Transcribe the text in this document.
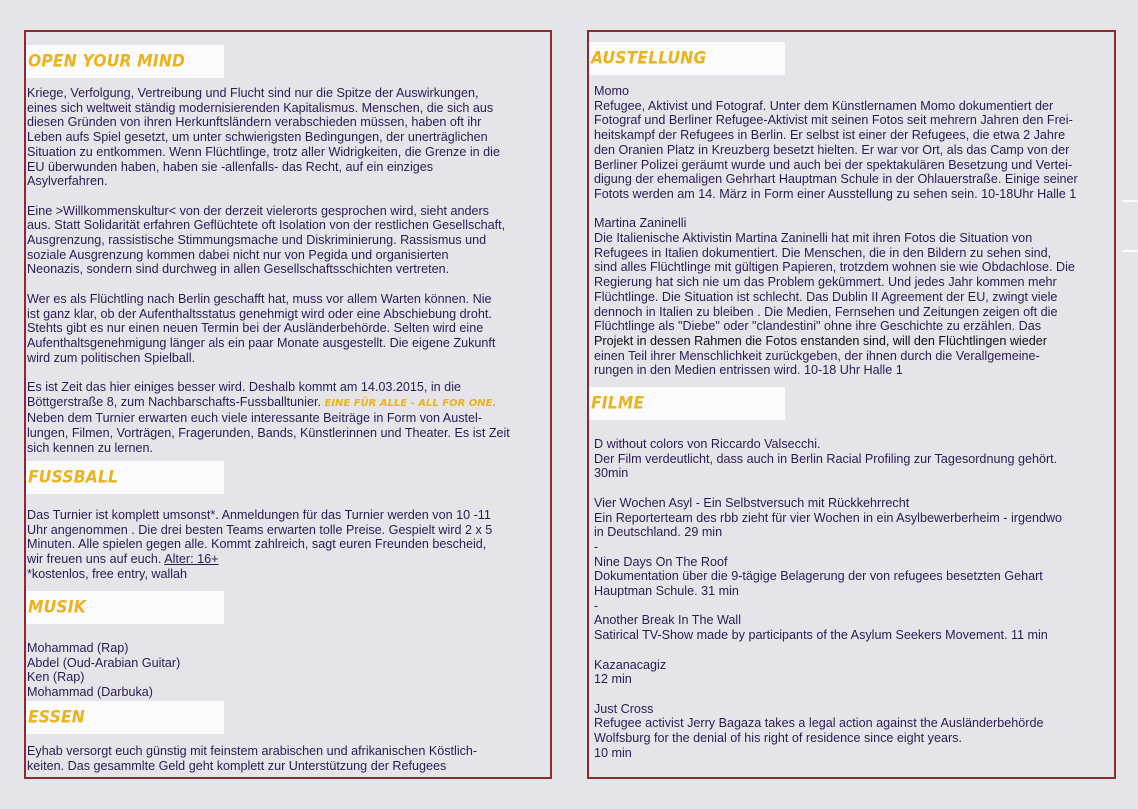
OPEN YOUR MIND

Kriege, Verfolgung, Vertreibung und Flucht sind nur die Spitze der Auswirkungen,
eines sich weltweit ständig modernisierenden Kapitalismus. Menschen, die sich aus
diesen Gründen von ihren Herkunftsländern verabschieden müssen, haben oft ihr
Leben aufs Spiel gesetzt, um unter schwierigsten Bedingungen, der unerträglichen
Situation zu entkommen. Wenn Flüchtlinge, trotz aller Widrigkeiten, die Grenze in die
EU überwunden haben, haben sie -allenfalls- das Recht, auf ein einziges
Asylverfahren.

Eine >Willkommenskultur< von der derzeit vielerorts gesprochen wird, sieht anders
aus. Statt Solidarität erfahren Geflüchtete oft Isolation von der restlichen Gesellschaft,
Ausgrenzung, rassistische Stimmungsmache und Diskriminierung. Rassismus und
soziale Ausgrenzung kommen dabei nicht nur von Pegida und organisierten
Neonazis, sondern sind durchweg in allen Gesellschaftsschichten vertreten.

Wer es als Flüchtling nach Berlin geschafft hat, muss vor allem Warten können. Nie
ist ganz klar, ob der Aufenthaltsstatus genehmigt wird oder eine Abschiebung droht.
Stehts gibt es nur einen neuen Termin bei der Ausländerbehörde. Selten wird eine
Aufenthaltsgenehmigung länger als ein paar Monate ausgestellt. Die eigene Zukunft
wird zum politischen Spielball.

Es ist Zeit das hier einiges besser wird. Deshalb kommt am 14.03.2015, in die
Böttgerstraße 8, zum Nachbarschafts-Fussballtunier. EINE FÜR ALLE - ALL FOR ONE.
Neben dem Turnier erwarten euch viele interessante Beiträge in Form von Austel-
lungen, Filmen, Vorträgen, Fragerunden, Bands, Künstlerinnen und Theater. Es ist Zeit
sich kennen zu lernen.

FUSSBALL
Das Turnier ist komplett umsonst*. Anmeldungen für das Turnier werden von 10 -11
Uhr angenommen . Die drei besten Teams erwarten tolle Preise. Gespielt wird 2 x 5
Minuten. Alle spielen gegen alle. Kommt zahlreich, sagt euren Freunden bescheid,
wir freuen uns auf euch. Alter: 16+
*kostenlos, free entry, wallah
MUSIK
Mohammad (Rap)
Abdel (Oud-Arabian Guitar)
Ken (Rap)
Mohammad (Darbuka)
ESSEN
Eyhab versorgt euch günstig mit feinstem arabischen und afrikanischen Köstlich-
keiten. Das gesammlte Geld geht komplett zur Unterstützung der Refugees
AUSTELLUNG

Momo
Refugee, Aktivist und Fotograf. Unter dem Künstlernamen Momo dokumentiert der
Fotograf und Berliner Refugee-Aktivist mit seinen Fotos seit mehrern Jahren den Frei-
heitskampf der Refugees in Berlin. Er selbst ist einer der Refugees, die etwa 2 Jahre
den Oranien Platz in Kreuzberg besetzt hielten. Er war vor Ort, als das Camp von der
Berliner Polizei geräumt wurde und auch bei der spektakulären Besetzung und Vertei-
digung der ehemaligen Gehrhart Hauptman Schule in der Ohlauerstraße. Einige seiner
Fotots werden am 14. März in Form einer Ausstellung zu sehen sein. 10-18Uhr Halle 1

Martina Zaninelli
Die Italienische Aktivistin Martina Zaninelli hat mit ihren Fotos die Situation von
Refugees in Italien dokumentiert. Die Menschen, die in den Bildern zu sehen sind,
sind alles Flüchtlinge mit gültigen Papieren, trotzdem wohnen sie wie Obdachlose. Die
Regierung hat sich nie um das Problem gekümmert. Und jedes Jahr kommen mehr
Flüchtlinge. Die Situation ist schlecht. Das Dublin II Agreement der EU, zwingt viele
dennoch in Italien zu bleiben . Die Medien, Fernsehen und Zeitungen zeigen oft die
Flüchtlinge als "Diebe" oder "clandestini" ohne ihre Geschichte zu erzählen. Das
Projekt in dessen Rahmen die Fotos enstanden sind, will den Flüchtlingen wieder
einen Teil ihrer Menschlichkeit zurückgeben, der ihnen durch die Verallgemeine-
rungen in den Medien entrissen wird. 10-18 Uhr Halle 1

FILME

D without colors von Riccardo Valsecchi.
Der Film verdeutlicht, dass auch in Berlin Racial Profiling zur Tagesordnung gehört.
30min

Vier Wochen Asyl - Ein Selbstversuch mit Rückkehrrecht
Ein Reporterteam des rbb zieht für vier Wochen in ein Asylbewerberheim - irgendwo
in Deutschland. 29 min
-

Nine Days On The Roof
Dokumentation über die 9-tägige Belagerung der von refugees besetzten Gehart
Hauptman Schule. 31 min
-

Another Break In The Wall
Satirical TV-Show made by participants of the Asylum Seekers Movement. 11 min

Kazanacagiz
12 min

Just Cross
Refugee activist Jerry Bagaza takes a legal action against the Ausländerbehörde
Wolfsburg for the denial of his right of residence since eight years.
10 min
